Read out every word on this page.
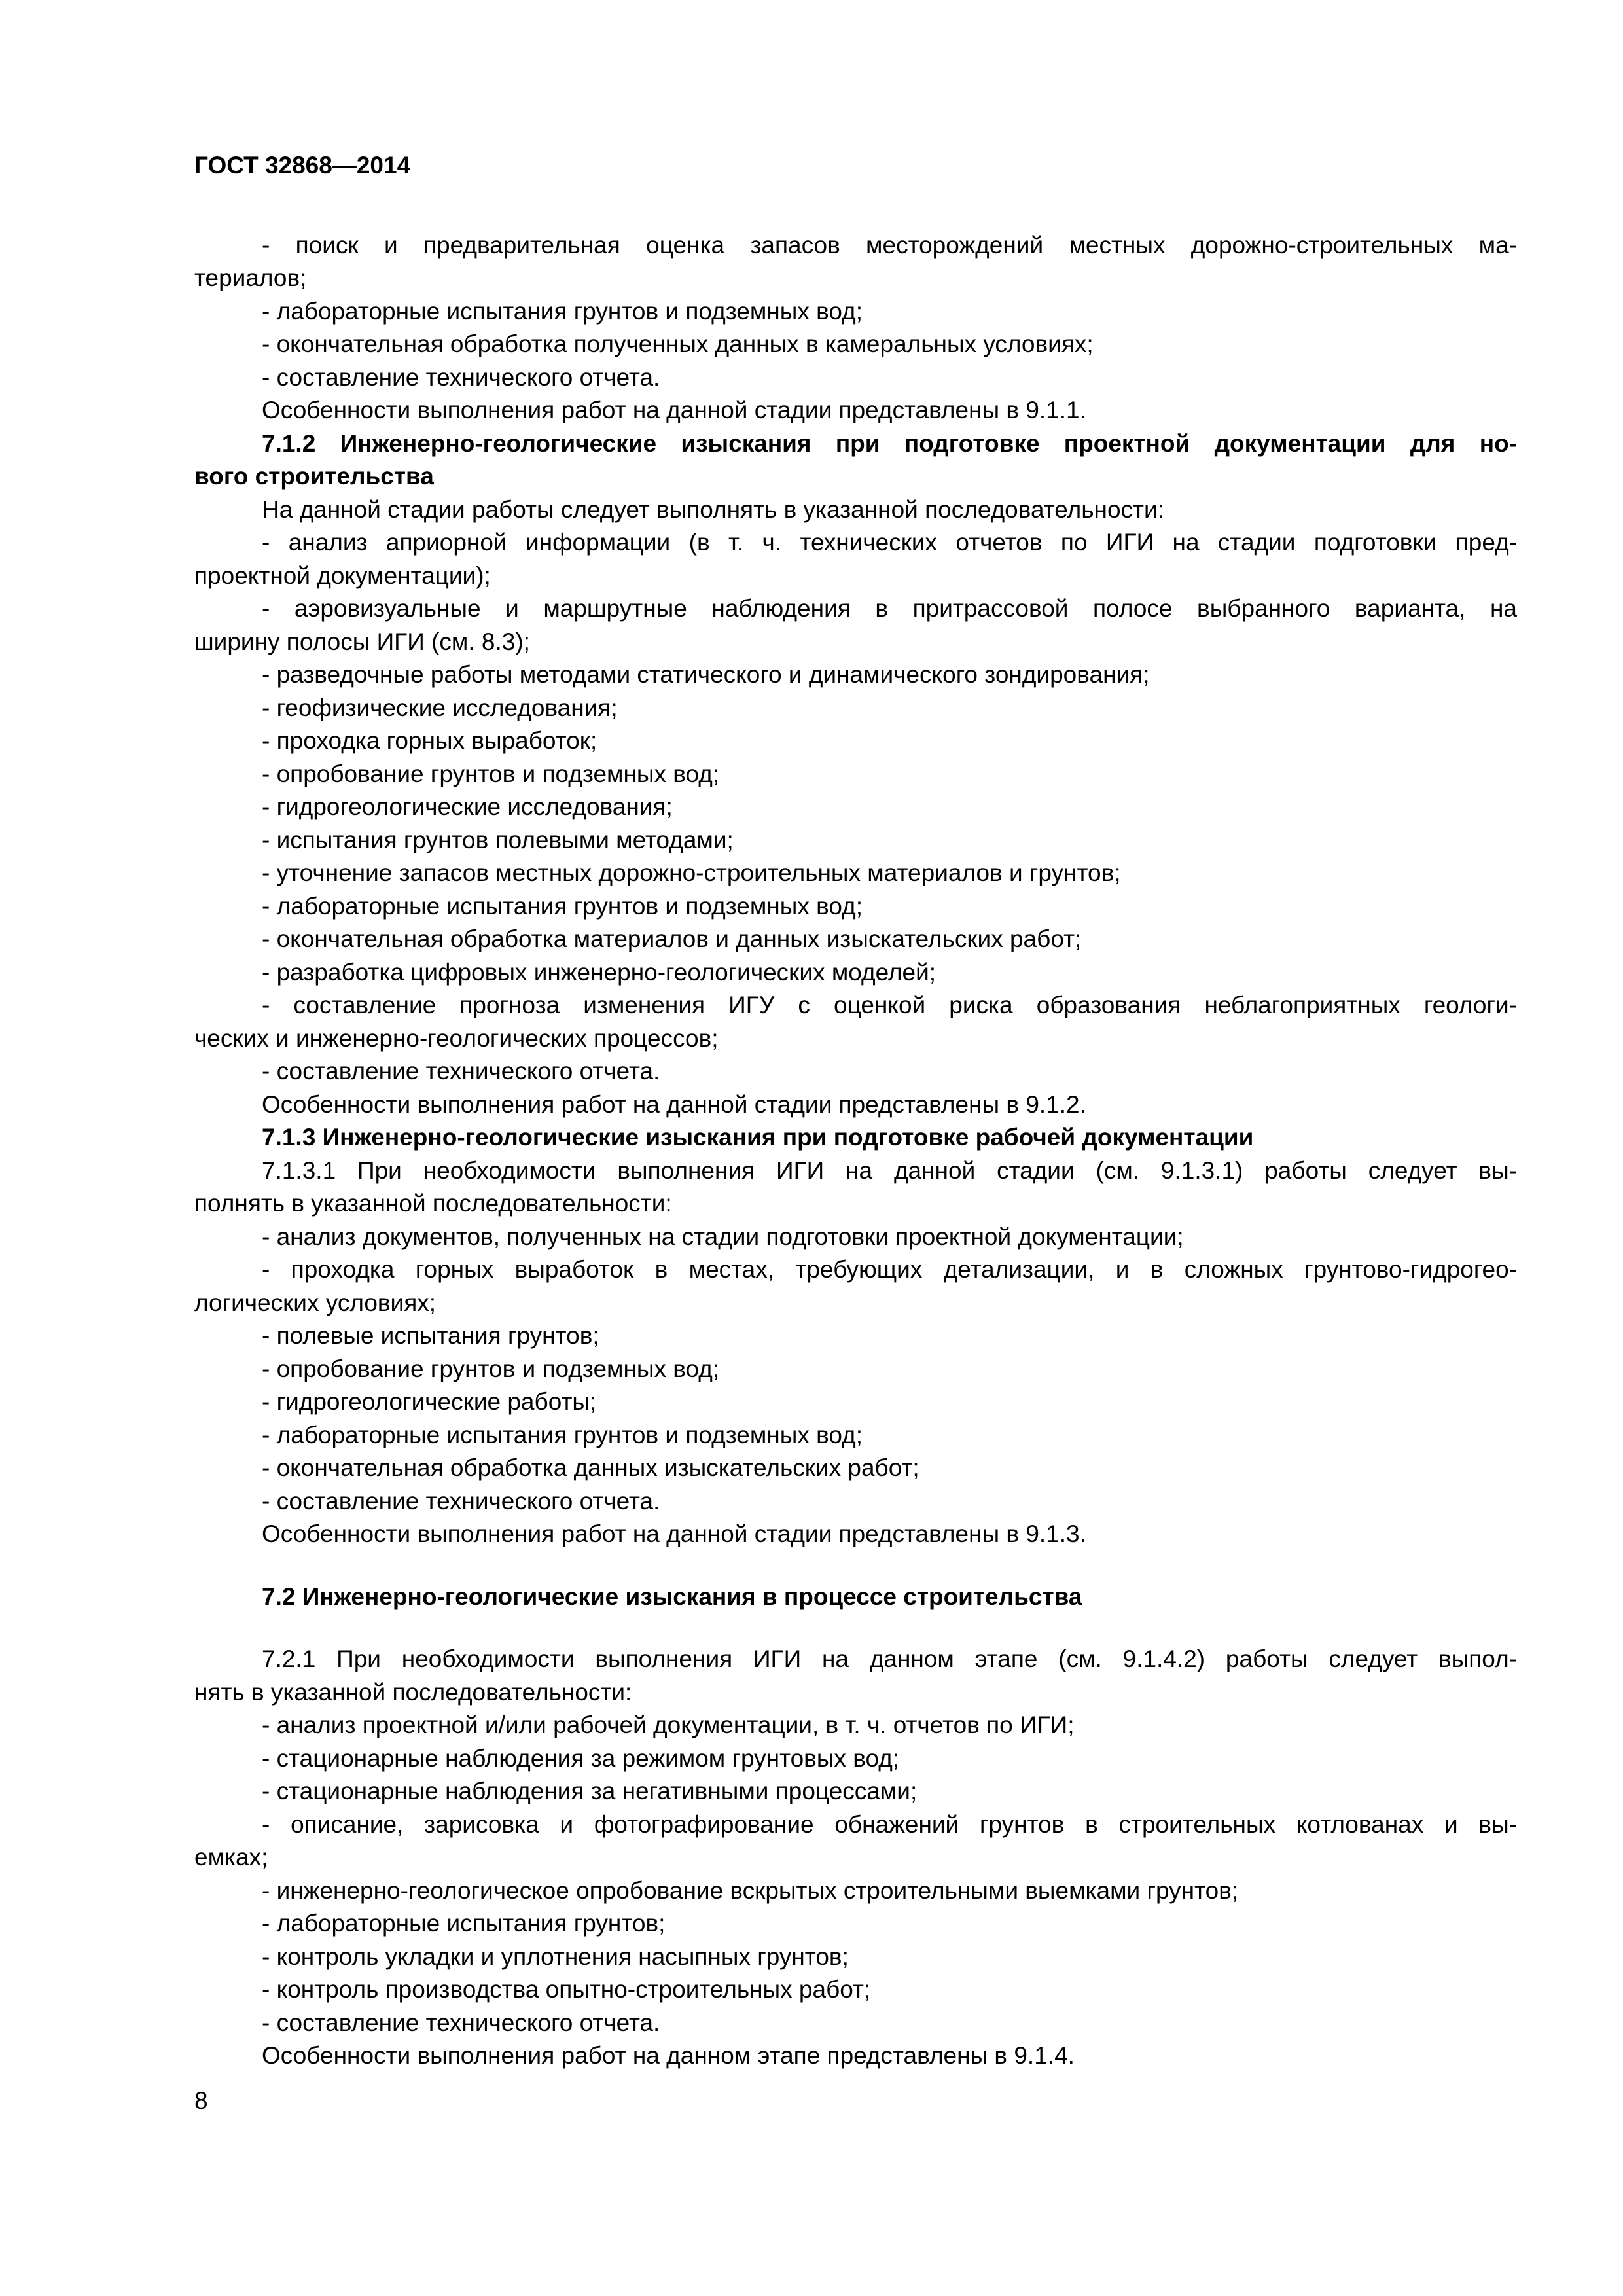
ГОСТ 32868—2014
- поиск и предварительная оценка запасов месторождений местных дорожно-строительных ма-
териалов;
- лабораторные испытания грунтов и подземных вод;
- окончательная обработка полученных данных в камеральных условиях;
- составление технического отчета.
Особенности выполнения работ на данной стадии представлены в 9.1.1.
7.1.2 Инженерно-геологические изыскания при подготовке проектной документации для но-
вого строительства
На данной стадии работы следует выполнять в указанной последовательности:
- анализ априорной информации (в т. ч. технических отчетов по ИГИ на стадии подготовки пред-
проектной документации);
- аэровизуальные и маршрутные наблюдения в притрассовой полосе выбранного варианта, на
ширину полосы ИГИ (см. 8.3);
- разведочные работы методами статического и динамического зондирования;
- геофизические исследования;
- проходка горных выработок;
- опробование грунтов и подземных вод;
- гидрогеологические исследования;
- испытания грунтов полевыми методами;
- уточнение запасов местных дорожно-строительных материалов и грунтов;
- лабораторные испытания грунтов и подземных вод;
- окончательная обработка материалов и данных изыскательских работ;
- разработка цифровых инженерно-геологических моделей;
- составление прогноза изменения ИГУ с оценкой риска образования неблагоприятных геологи-
ческих и инженерно-геологических процессов;
- составление технического отчета.
Особенности выполнения работ на данной стадии представлены в 9.1.2.
7.1.3 Инженерно-геологические изыскания при подготовке рабочей документации
7.1.3.1 При необходимости выполнения ИГИ на данной стадии (см. 9.1.3.1) работы следует вы-
полнять в указанной последовательности:
- анализ документов, полученных на стадии подготовки проектной документации;
- проходка горных выработок в местах, требующих детализации, и в сложных грунтово-гидрогео-
логических условиях;
- полевые испытания грунтов;
- опробование грунтов и подземных вод;
- гидрогеологические работы;
- лабораторные испытания грунтов и подземных вод;
- окончательная обработка данных изыскательских работ;
- составление технического отчета.
Особенности выполнения работ на данной стадии представлены в 9.1.3.
7.2 Инженерно-геологические изыскания в процессе строительства
7.2.1 При необходимости выполнения ИГИ на данном этапе (см. 9.1.4.2) работы следует выпол-
нять в указанной последовательности:
- анализ проектной и/или рабочей документации, в т. ч. отчетов по ИГИ;
- стационарные наблюдения за режимом грунтовых вод;
- стационарные наблюдения за негативными процессами;
- описание, зарисовка и фотографирование обнажений грунтов в строительных котлованах и вы-
емках;
- инженерно-геологическое опробование вскрытых строительными выемками грунтов;
- лабораторные испытания грунтов;
- контроль укладки и уплотнения насыпных грунтов;
- контроль производства опытно-строительных работ;
- составление технического отчета.
Особенности выполнения работ на данном этапе представлены в 9.1.4.
8
